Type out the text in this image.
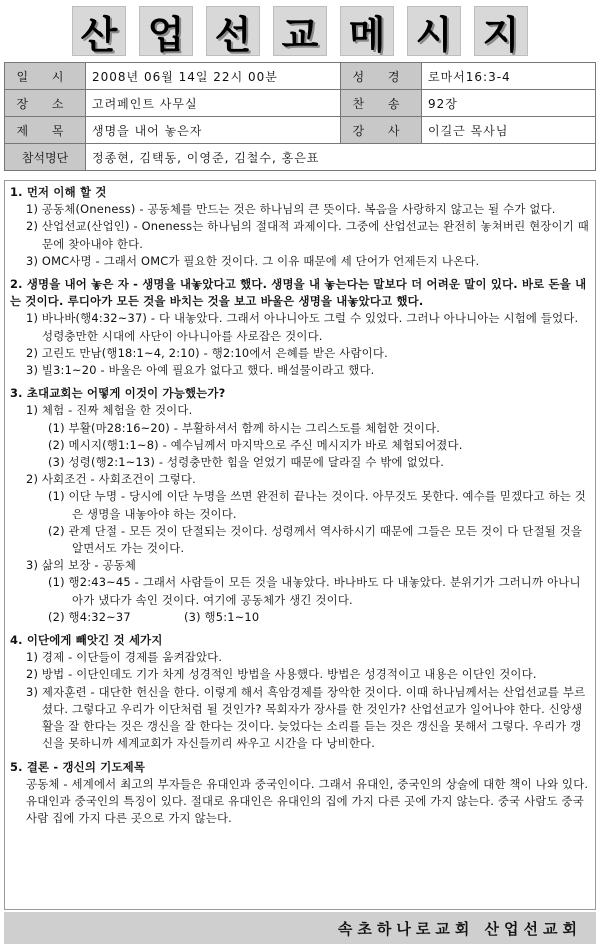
산 업 선 교 메 시 지
일 시	2008년 06월 14일 22시 00분	성 경	로마서16:3-4
장 소	고려페인트 사무실	찬 송	92장
제 목	생명을 내어 놓은자	강 사	이길근 목사님
참석명단	정종현, 김택동, 이영준, 김철수, 홍은표		
1. 먼저 이해 할 것
1) 공동체(Oneness) - 공동체를 만드는 것은 하나님의 큰 뜻이다. 복음을 사랑하지 않고는 될 수가 없다.
2) 산업선교(산업인) - Oneness는 하나님의 절대적 과제이다. 그중에 산업선교는 완전히 놓쳐버린 현장이기 때문에 찾아내야 한다.
3) OMC사명 - 그래서 OMC가 필요한 것이다. 그 이유 때문에 세 단어가 언제든지 나온다.
2. 생명을 내어 놓은 자 - 생명을 내놓았다고 했다. 생명을 내 놓는다는 말보다 더 어려운 말이 있다. 바로 돈을 내는 것이다. 루디아가 모든 것을 바치는 것을 보고 바울은 생명을 내놓았다고 했다.
1) 바나바(행4:32~37) - 다 내놓았다. 그래서 아나니아도 그럴 수 있었다. 그러나 아나니아는 시험에 들었다. 성령충만한 시대에 사단이 아나니아를 사로잡은 것이다.
2) 고린도 만남(행18:1~4, 2:10) - 행2:10에서 은혜를 받은 사람이다.
3) 빌3:1~20 - 바울은 아예 필요가 없다고 했다. 배설물이라고 했다.
3. 초대교회는 어떻게 이것이 가능했는가?
1) 체험 - 진짜 체험을 한 것이다.
(1) 부활(마28:16~20) - 부활하셔서 함께 하시는 그리스도를 체험한 것이다.
(2) 메시지(행1:1~8) - 예수님께서 마지막으로 주신 메시지가 바로 체험되어졌다.
(3) 성령(행2:1~13) - 성령충만한 힘을 얻었기 때문에 달라질 수 밖에 없었다.
2) 사회조건 - 사회조건이 그렇다.
(1) 이단 누명 - 당시에 이단 누명을 쓰면 완전히 끝나는 것이다. 아무것도 못한다. 예수를 믿겠다고 하는 것은 생명을 내놓아야 하는 것이다.
(2) 관계 단절 - 모든 것이 단절되는 것이다. 성령께서 역사하시기 때문에 그들은 모든 것이 다 단절될 것을 알면서도 가는 것이다.
3) 삶의 보장 - 공동체
(1) 행2:43~45 - 그래서 사람들이 모든 것을 내놓았다. 바나바도 다 내놓았다. 분위기가 그러니까 아나니아가 냈다가 속인 것이다. 여기에 공동체가 생긴 것이다.
(2) 행4:32~37	(3) 행5:1~10
4. 이단에게 빼앗긴 것 세가지
1) 경제 - 이단들이 경제를 움켜잡았다.
2) 방법 - 이단인데도 기가 차게 성경적인 방법을 사용했다. 방법은 성경적이고 내용은 이단인 것이다.
3) 제자훈련 - 대단한 헌신을 한다. 이렇게 해서 흑암경제를 장악한 것이다. 이때 하나님께서는 산업선교를 부르셨다. 그렇다고 우리가 이단처럼 될 것인가? 목회자가 장사를 한 것인가? 산업선교가 일어나야 한다. 신앙생활을 잘 한다는 것은 갱신을 잘 한다는 것이다. 늦었다는 소리를 듣는 것은 갱신을 못해서 그렇다. 우리가 갱신을 못하니까 세계교회가 자신들끼리 싸우고 시간을 다 낭비한다.
5. 결론 - 갱신의 기도제목
공동체 - 세계에서 최고의 부자들은 유대인과 중국인이다. 그래서 유대인, 중국인의 상술에 대한 책이 나와 있다. 유대인과 중국인의 특징이 있다. 절대로 유대인은 유대인의 집에 가지 다른 곳에 가지 않는다. 중국 사람도 중국사람 집에 가지 다른 곳으로 가지 않는다.
속초하나로교회 산업선교회
